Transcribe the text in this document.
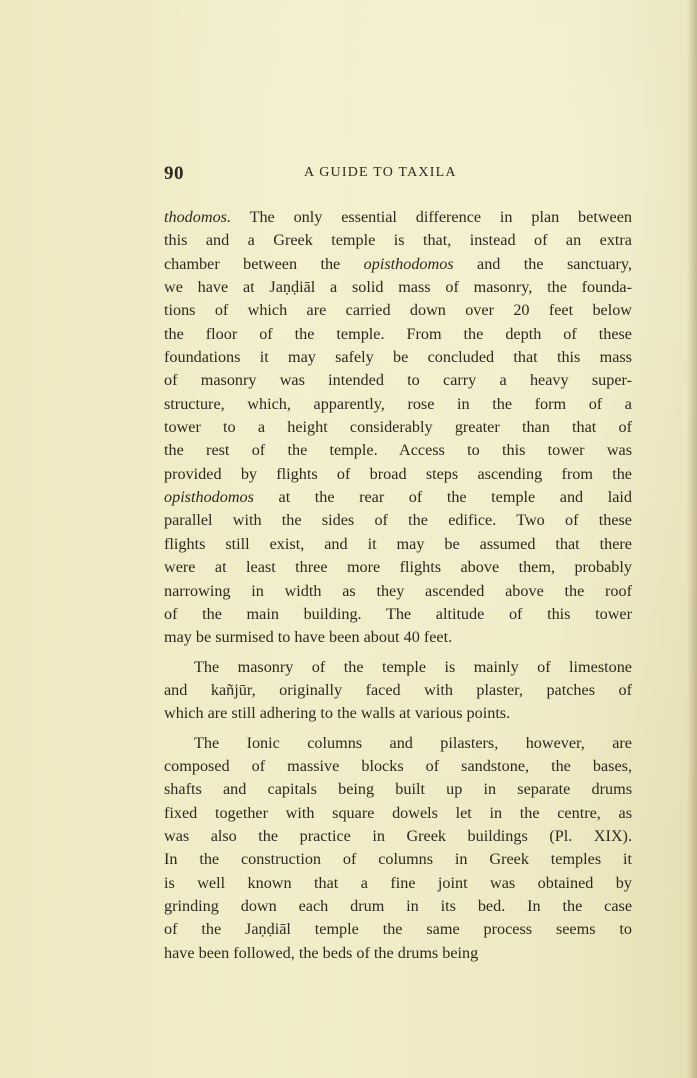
90	A GUIDE TO TAXILA
thodomos. The only essential difference in plan between
this and a Greek temple is that, instead of an extra
chamber between the opisthodomos and the sanctuary,
we have at Jaṇḍiāl a solid mass of masonry, the founda-
tions of which are carried down over 20 feet below
the floor of the temple. From the depth of these
foundations it may safely be concluded that this mass
of masonry was intended to carry a heavy super-
structure, which, apparently, rose in the form of a
tower to a height considerably greater than that of
the rest of the temple. Access to this tower was
provided by flights of broad steps ascending from the
opisthodomos at the rear of the temple and laid
parallel with the sides of the edifice. Two of these
flights still exist, and it may be assumed that there
were at least three more flights above them, probably
narrowing in width as they ascended above the roof
of the main building. The altitude of this tower
may be surmised to have been about 40 feet.
The masonry of the temple is mainly of limestone
and kañjūr, originally faced with plaster, patches of
which are still adhering to the walls at various points.
The Ionic columns and pilasters, however, are
composed of massive blocks of sandstone, the bases,
shafts and capitals being built up in separate drums
fixed together with square dowels let in the centre, as
was also the practice in Greek buildings (Pl. XIX).
In the construction of columns in Greek temples it
is well known that a fine joint was obtained by
grinding down each drum in its bed. In the case
of the Jaṇḍiāl temple the same process seems to
have been followed, the beds of the drums being
